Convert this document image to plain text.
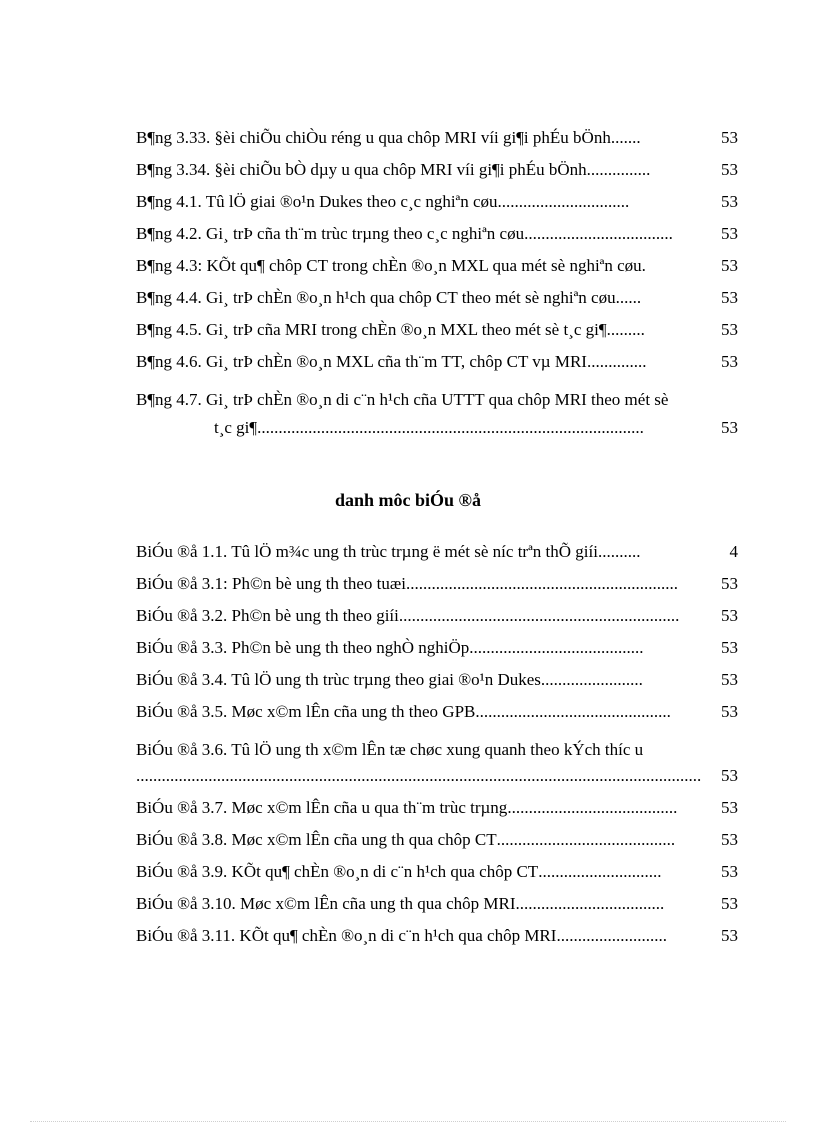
B¶ng 3.33. §èi chiÕu chiÒu réng u qua chôp MRI víi gi¶i phÉu bÖnh .......	53
B¶ng 3.34. §èi chiÕu bÒ dµy u qua chôp MRI víi gi¶i phÉu bÖnh ...............	53
B¶ng 4.1. Tû lÖ giai ®o¹n Dukes theo c¸c nghiªn cøu ...............................	53
B¶ng 4.2. Gi¸ trÞ cña th¨m trùc trµng theo c¸c nghiªn cøu ...................................	53
B¶ng 4.3: KÕt qu¶ chôp CT trong chÈn ®o¸n MXL qua mét sè nghiªn cøu .	53
B¶ng 4.4. Gi¸ trÞ chÈn ®o¸n h¹ch qua chôp CT theo mét sè nghiªn cøu ......	53
B¶ng 4.5. Gi¸ trÞ cña MRI trong chÈn ®o¸n MXL theo mét sè t¸c gi¶ .........	53
B¶ng 4.6. Gi¸ trÞ chÈn ®o¸n MXL cña th¨m TT, chôp CT vµ MRI ..............	53
B¶ng 4.7. Gi¸ trÞ chÈn ®o¸n di c¨n h¹ch cña UTTT qua chôp MRI theo mét sè
t¸c gi¶ ...........................................................................................	53
danh môc biÓu ®å
BiÓu ®å 1.1. Tû lÖ m¾c ung th trùc trµng ë mét sè níc trªn thÕ giíi ..........	4
BiÓu ®å 3.1: Ph©n bè ung th theo tuæi ................................................................	53
BiÓu ®å 3.2. Ph©n bè ung th theo giíi ..................................................................	53
BiÓu ®å 3.3. Ph©n bè ung th theo nghÒ nghiÖp .........................................	53
BiÓu ®å 3.4. Tû lÖ ung th trùc trµng theo giai ®o¹n Dukes ........................	53
BiÓu ®å 3.5. Møc x©m lÊn cña ung th theo GPB ..............................................	53
BiÓu ®å 3.6. Tû lÖ ung th x©m lÊn tæ chøc xung quanh theo kÝch thíc u
.....................................................................................................................................	53
BiÓu ®å 3.7. Møc x©m lÊn cña u qua th¨m trùc trµng ........................................	53
BiÓu ®å 3.8. Møc x©m lÊn cña ung th qua chôp CT ..........................................	53
BiÓu ®å 3.9. KÕt qu¶ chÈn ®o¸n di c¨n h¹ch qua chôp CT .............................	53
BiÓu ®å 3.10. Møc x©m lÊn cña ung th qua chôp MRI ...................................	53
BiÓu ®å 3.11. KÕt qu¶ chÈn ®o¸n di c¨n h¹ch qua chôp MRI ..........................	53
